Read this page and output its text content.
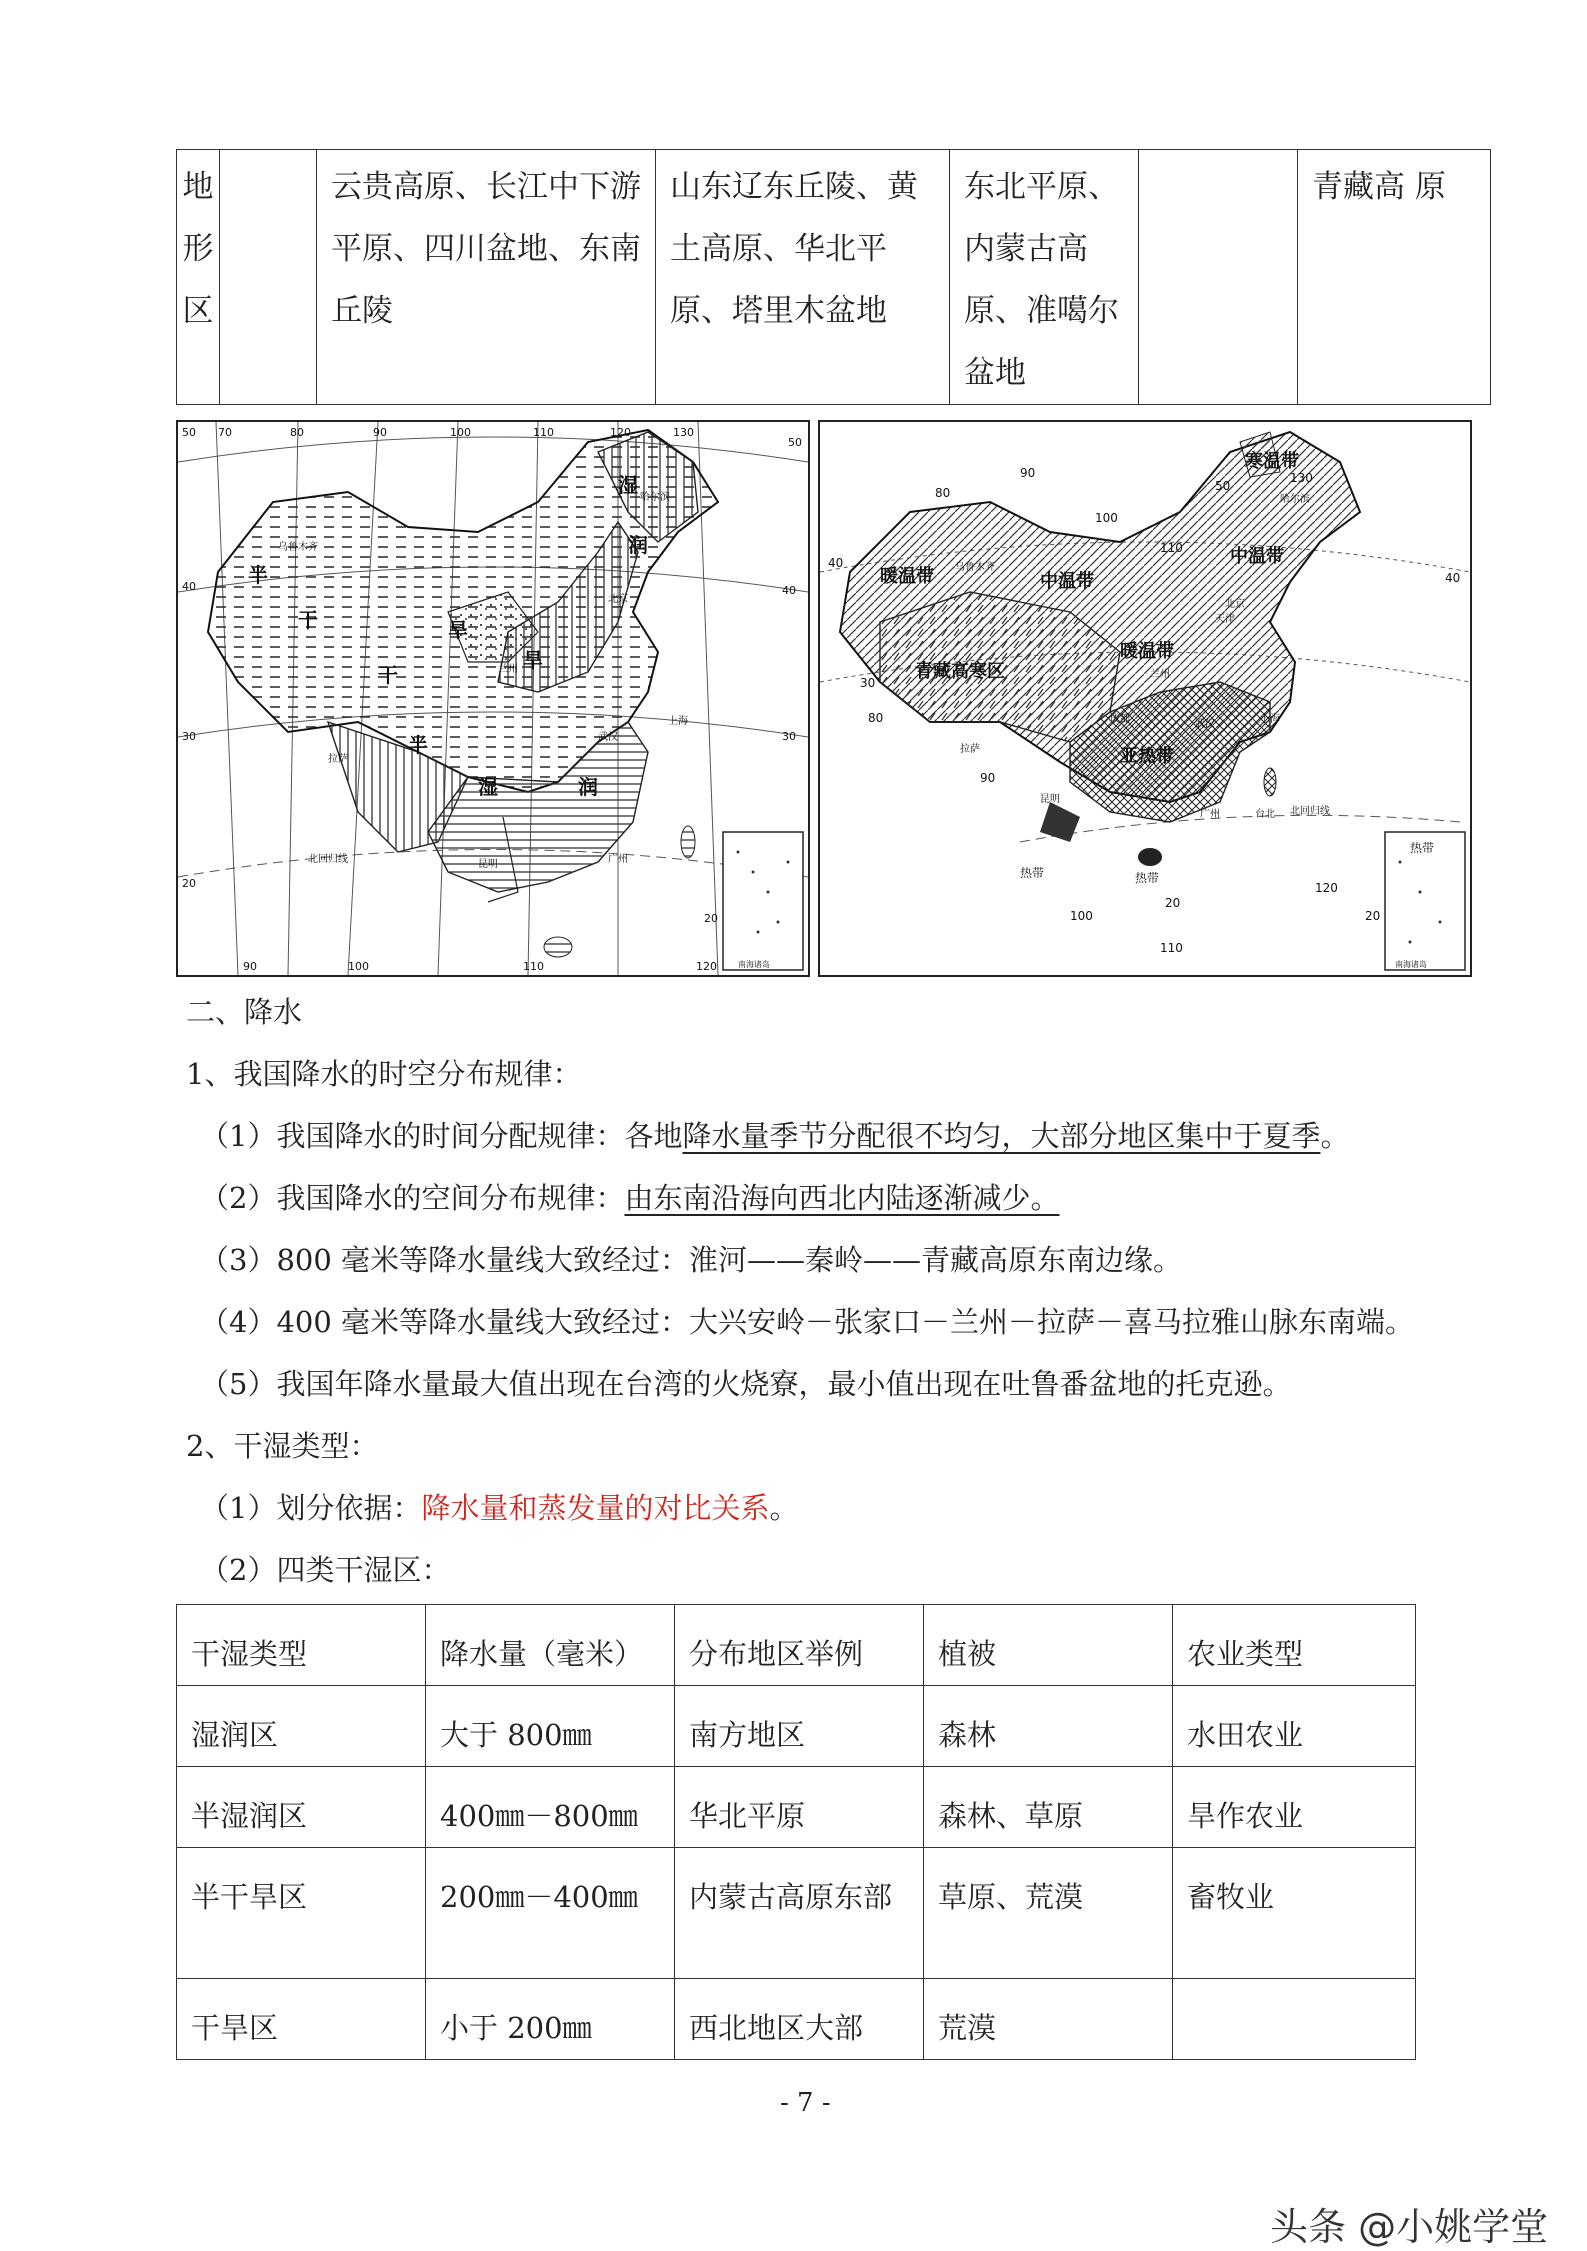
地
形
区
		云贵高原、长江中下游平原、四川盆地、东南丘陵	山东辽东丘陵、黄土高原、华北平原、塔里木盆地	东北平原、内蒙古高原、准噶尔盆地		青藏高 原
50 70	80	90	100	110	120	130
50
40
30
20
40
30
20
90	100	110	120
干	旱
半
湿
润
干
旱
半
湿	润
乌鲁木齐
哈尔滨
北京
兰州
武汉
上海
拉萨
昆明	广州
北回归线
南海诸岛
寒温带
中温带
暖温带
中温带
暖温带
青藏高寒区
亚热带
热带	热带
热带
130
50
90
80
100
110
40
40
30
80
90
100
120
20
20
110
哈尔滨
乌鲁木齐
北京
天津
兰州
成都	武汉	上海
拉萨
昆明
广州	台北 北回归线
南海诸岛
二、降水
1、我国降水的时空分布规律：
（1）我国降水的时间分配规律：各地降水量季节分配很不均匀，大部分地区集中于夏季。
（2）我国降水的空间分布规律：由东南沿海向西北内陆逐渐减少。
（3）800 毫米等降水量线大致经过：淮河——秦岭——青藏高原东南边缘。
（4）400 毫米等降水量线大致经过：大兴安岭－张家口－兰州－拉萨－喜马拉雅山脉东南端。
（5）我国年降水量最大值出现在台湾的火烧寮，最小值出现在吐鲁番盆地的托克逊。
2、干湿类型：
（1）划分依据：降水量和蒸发量的对比关系。
（2）四类干湿区：
干湿类型	降水量（毫米）	分布地区举例	植被	农业类型
湿润区	大于 800㎜	南方地区	森林	水田农业
半湿润区	400㎜－800㎜	华北平原	森林、草原	旱作农业
半干旱区	200㎜－400㎜	内蒙古高原东部	草原、荒漠	畜牧业
干旱区	小于 200㎜	西北地区大部	荒漠	
- 7 -
头条 @小姚学堂
